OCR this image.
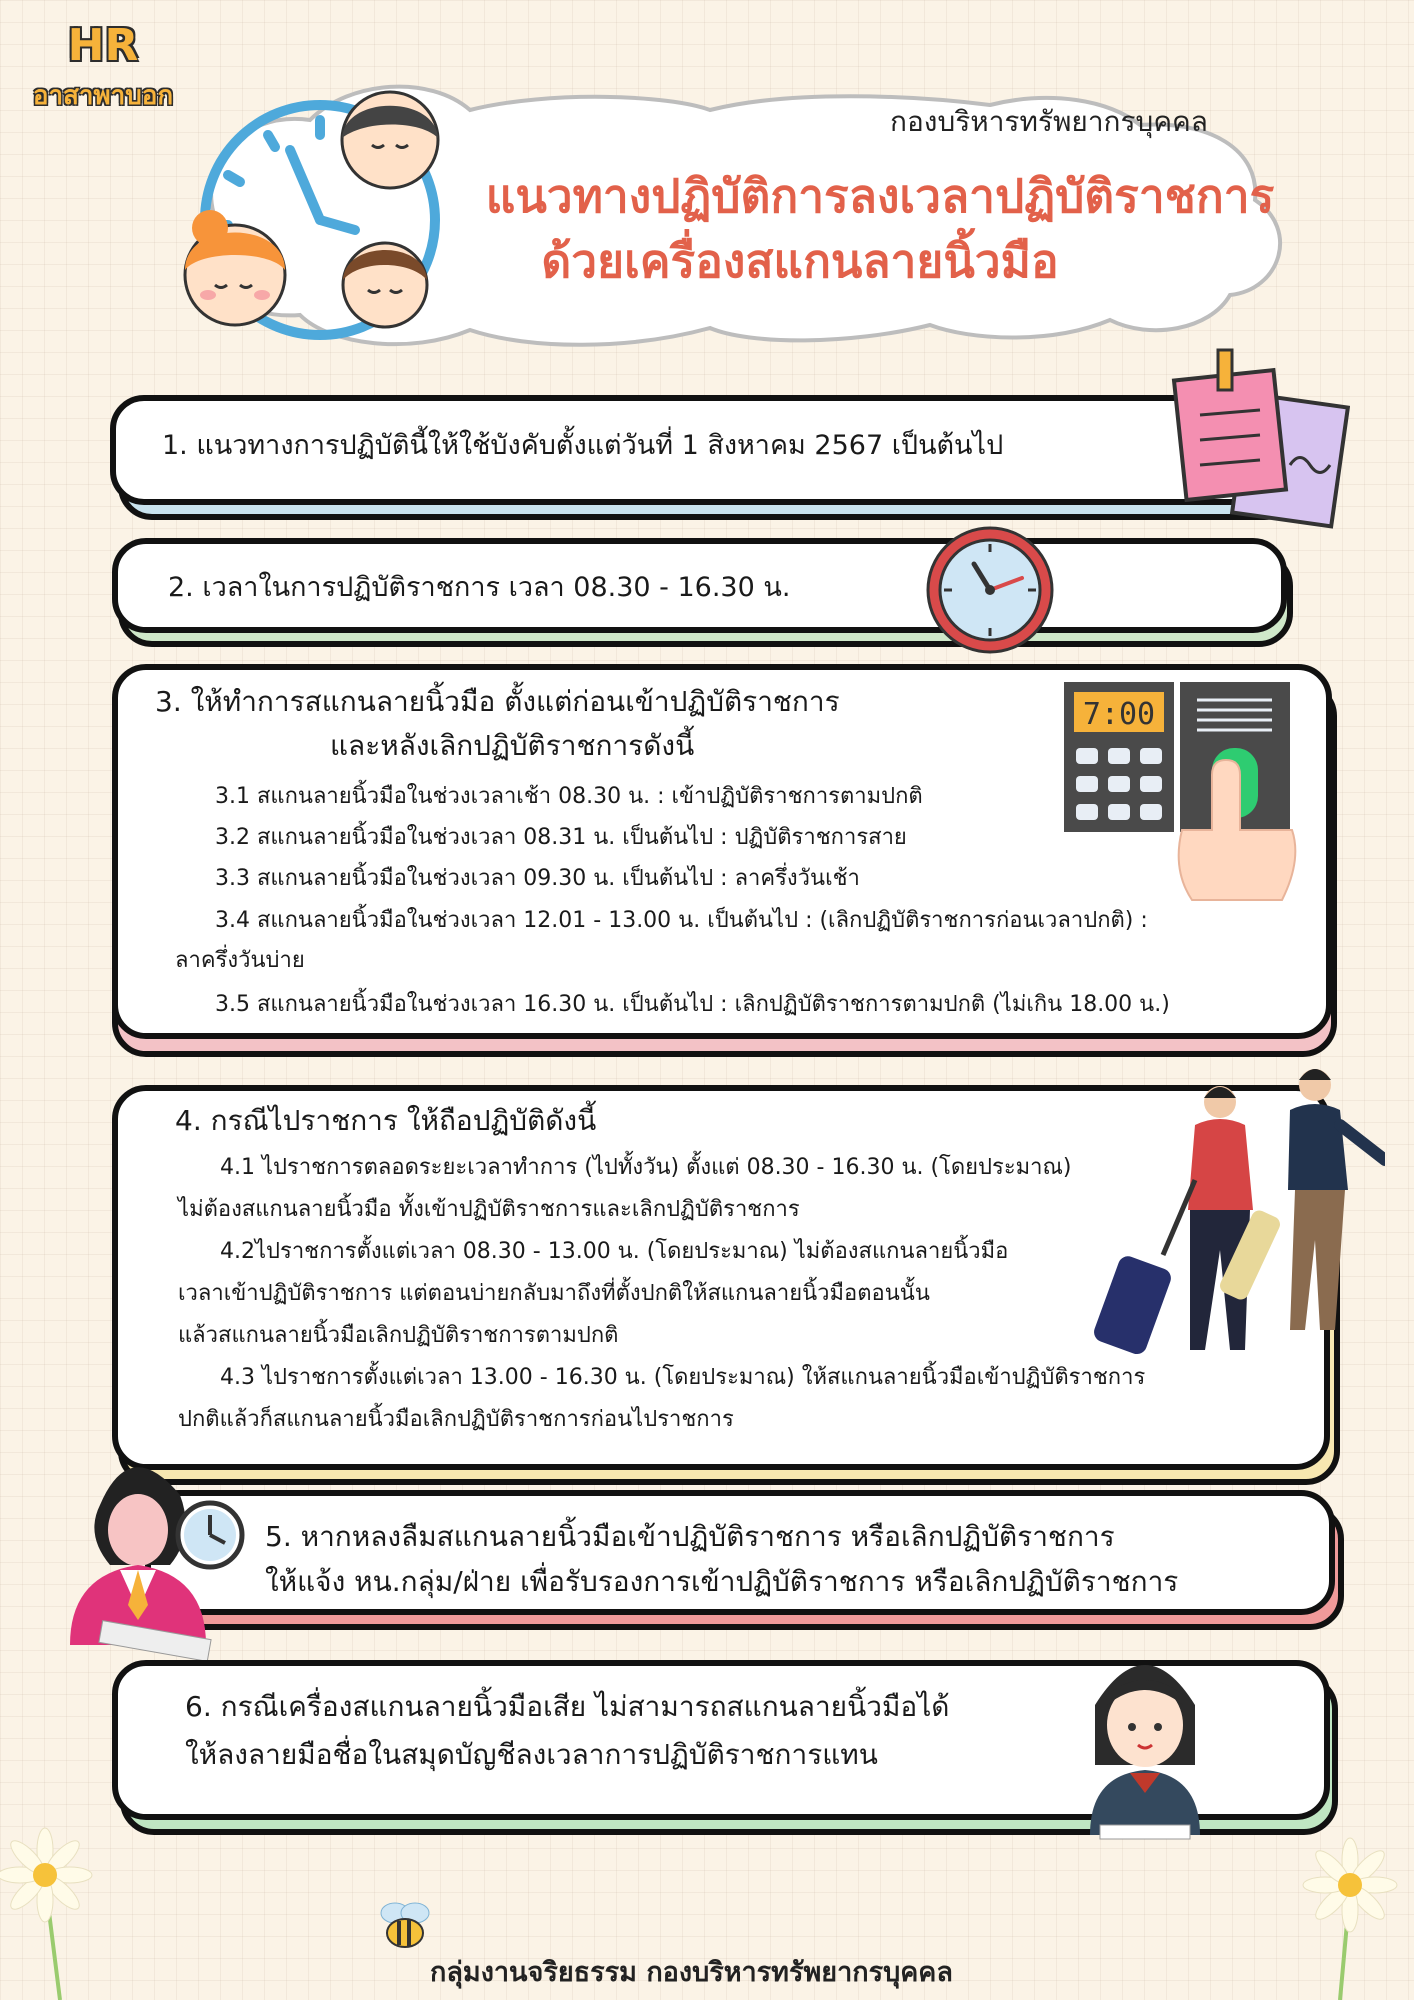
HR
อาสาพาบอก
กองบริหารทรัพยากรบุคคล
แนวทางปฏิบัติการลงเวลาปฏิบัติราชการ
ด้วยเครื่องสแกนลายนิ้วมือ
1. แนวทางการปฏิบัตินี้ให้ใช้บังคับตั้งแต่วันที่ 1 สิงหาคม 2567 เป็นต้นไป
2. เวลาในการปฏิบัติราชการ เวลา 08.30 - 16.30 น.
3. ให้ทำการสแกนลายนิ้วมือ ตั้งแต่ก่อนเข้าปฏิบัติราชการ
และหลังเลิกปฏิบัติราชการดังนี้
3.1 สแกนลายนิ้วมือในช่วงเวลาเช้า 08.30 น. : เข้าปฏิบัติราชการตามปกติ
3.2 สแกนลายนิ้วมือในช่วงเวลา 08.31 น. เป็นต้นไป : ปฏิบัติราชการสาย
3.3 สแกนลายนิ้วมือในช่วงเวลา 09.30 น. เป็นต้นไป : ลาครึ่งวันเช้า
3.4 สแกนลายนิ้วมือในช่วงเวลา 12.01 - 13.00 น. เป็นต้นไป : (เลิกปฏิบัติราชการก่อนเวลาปกติ) :
ลาครึ่งวันบ่าย
3.5 สแกนลายนิ้วมือในช่วงเวลา 16.30 น. เป็นต้นไป : เลิกปฏิบัติราชการตามปกติ (ไม่เกิน 18.00 น.)
7:00
4. กรณีไปราชการ ให้ถือปฏิบัติดังนี้
4.1 ไปราชการตลอดระยะเวลาทำการ (ไปทั้งวัน) ตั้งแต่ 08.30 - 16.30 น. (โดยประมาณ)
ไม่ต้องสแกนลายนิ้วมือ ทั้งเข้าปฏิบัติราชการและเลิกปฏิบัติราชการ
4.2ไปราชการตั้งแต่เวลา 08.30 - 13.00 น. (โดยประมาณ) ไม่ต้องสแกนลายนิ้วมือ
เวลาเข้าปฏิบัติราชการ แต่ตอนบ่ายกลับมาถึงที่ตั้งปกติให้สแกนลายนิ้วมือตอนนั้น
แล้วสแกนลายนิ้วมือเลิกปฏิบัติราชการตามปกติ
4.3 ไปราชการตั้งแต่เวลา 13.00 - 16.30 น. (โดยประมาณ) ให้สแกนลายนิ้วมือเข้าปฏิบัติราชการ
ปกติแล้วก็สแกนลายนิ้วมือเลิกปฏิบัติราชการก่อนไปราชการ
5. หากหลงลืมสแกนลายนิ้วมือเข้าปฏิบัติราชการ หรือเลิกปฏิบัติราชการ
ให้แจ้ง หน.กลุ่ม/ฝ่าย เพื่อรับรองการเข้าปฏิบัติราชการ หรือเลิกปฏิบัติราชการ
6. กรณีเครื่องสแกนลายนิ้วมือเสีย ไม่สามารถสแกนลายนิ้วมือได้
ให้ลงลายมือชื่อในสมุดบัญชีลงเวลาการปฏิบัติราชการแทน
กลุ่มงานจริยธรรม กองบริหารทรัพยากรบุคคล
